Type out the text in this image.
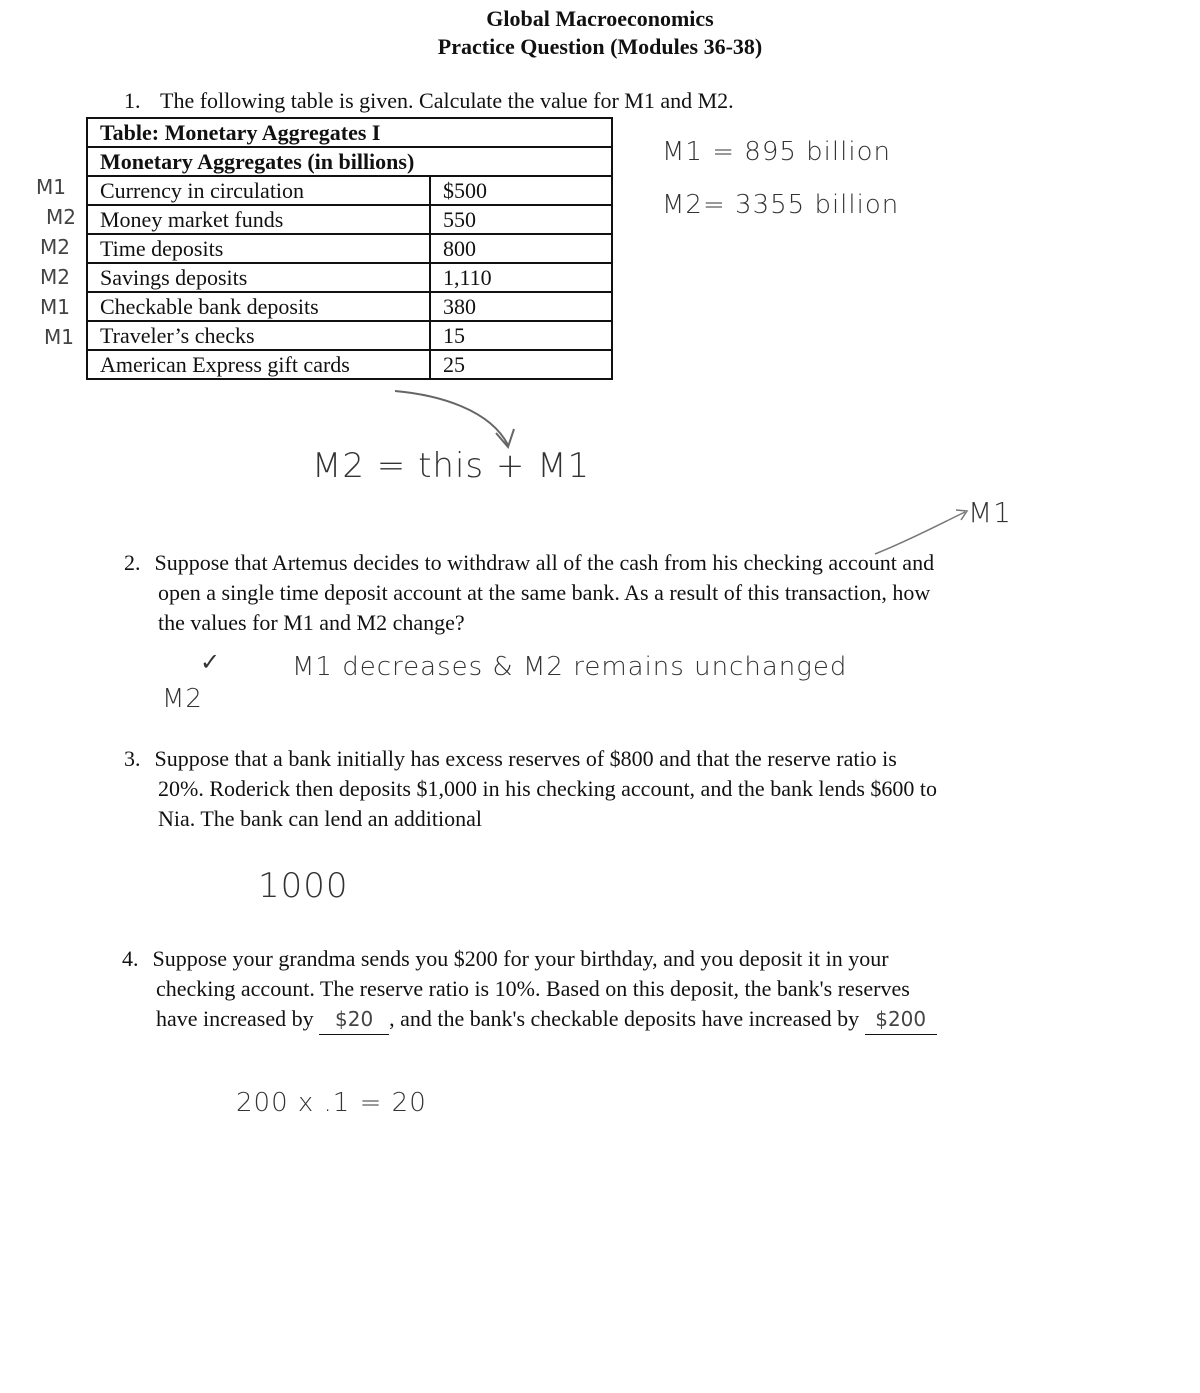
Global Macroeconomics
Practice Question (Modules 36-38)
1. The following table is given. Calculate the value for M1 and M2.
Table: Monetary Aggregates I	
Monetary Aggregates (in billions)	
Currency in circulation	$500
Money market funds	550
Time deposits	800
Savings deposits	1,110
Checkable bank deposits	380
Traveler’s checks	15
American Express gift cards	25
M1
M2
M2
M2
M1
M1
M1 = 895 billion
M2= 3355 billion
M2 = this + M1
M1
2. Suppose that Artemus decides to withdraw all of the cash from his checking account and
open a single time deposit account at the same bank. As a result of this transaction, how
the values for M1 and M2 change?
✓	M1 decreases & M2 remains unchanged
M2
3. Suppose that a bank initially has excess reserves of $800 and that the reserve ratio is
20%. Roderick then deposits $1,000 in his checking account, and the bank lends $600 to
Nia. The bank can lend an additional
1000
4. Suppose your grandma sends you $200 for your birthday, and you deposit it in your
checking account. The reserve ratio is 10%. Based on this deposit, the bank's reserves
have increased by $20 , and the bank's checkable deposits have increased by $200
200 x .1 = 20
